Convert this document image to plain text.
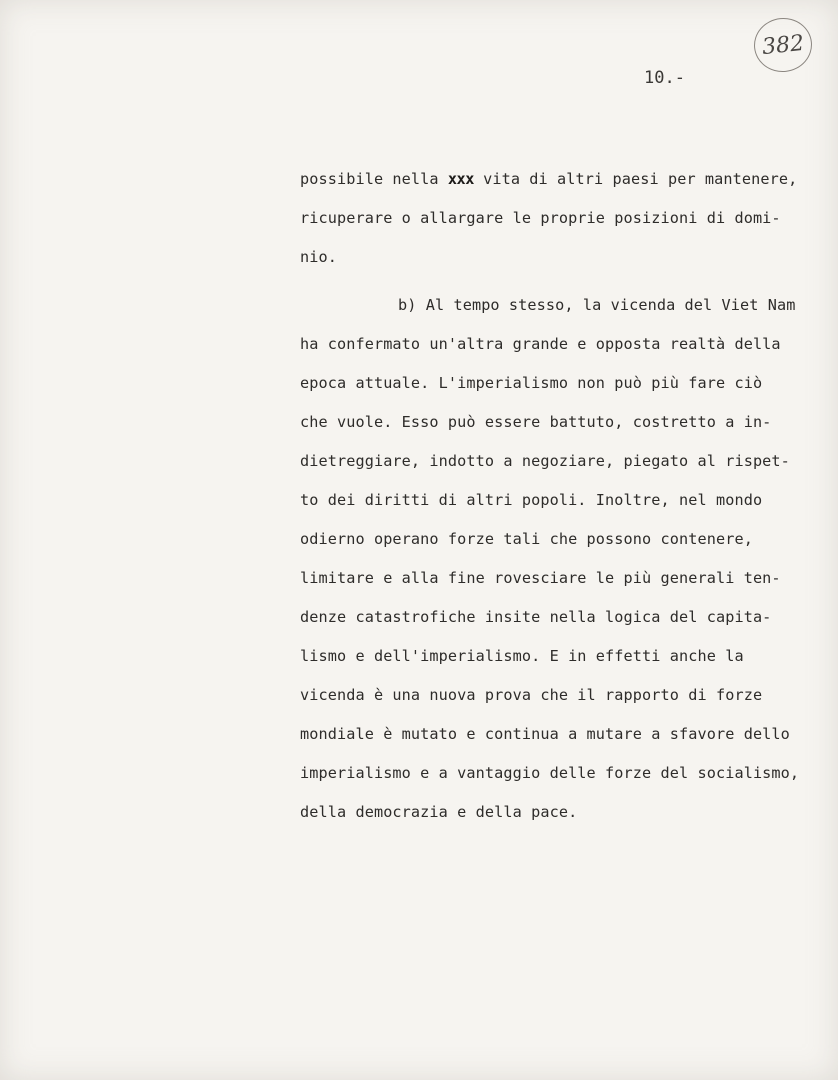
382
10.-
possibile nella xxx vita di altri paesi per mantenere,
ricuperare o allargare le proprie posizioni di domi-
nio.
b) Al tempo stesso, la vicenda del Viet Nam
ha confermato un'altra grande e opposta realtà della
epoca attuale. L'imperialismo non può più fare ciò
che vuole. Esso può essere battuto, costretto a in-
dietreggiare, indotto a negoziare, piegato al rispet-
to dei diritti di altri popoli. Inoltre, nel mondo
odierno operano forze tali che possono contenere,
limitare e alla fine rovesciare le più generali ten-
denze catastrofiche insite nella logica del capita-
lismo e dell'imperialismo. E in effetti anche la
vicenda è una nuova prova che il rapporto di forze
mondiale è mutato e continua a mutare a sfavore dello
imperialismo e a vantaggio delle forze del socialismo,
della democrazia e della pace.
